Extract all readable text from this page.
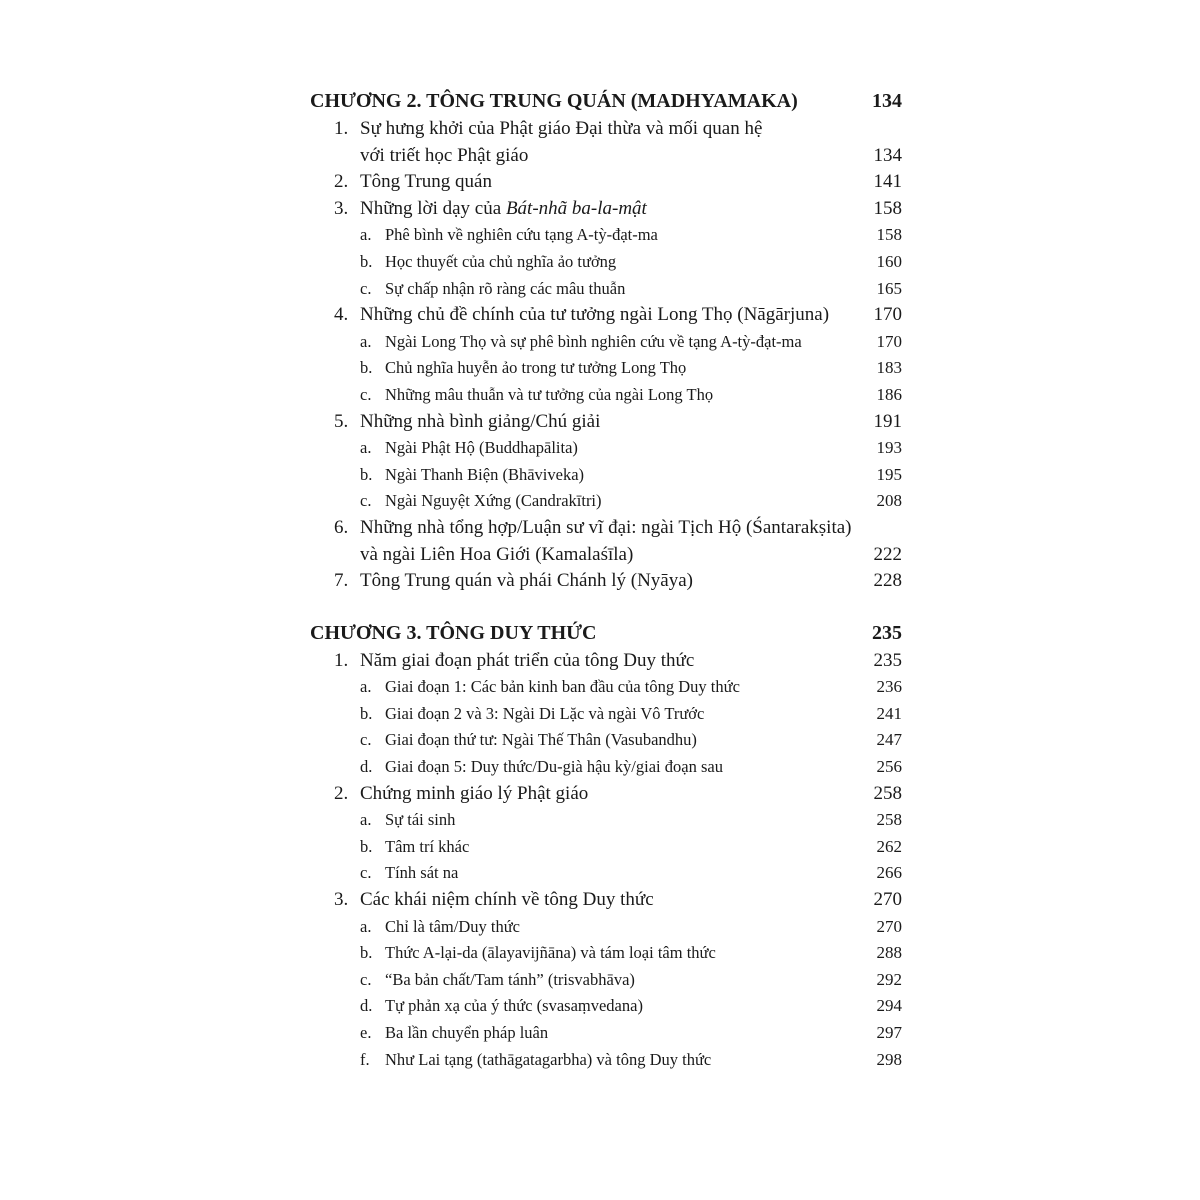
CHƯƠNG 2. TÔNG TRUNG QUÁN (MADHYAMAKA)	134
1. Sự hưng khởi của Phật giáo Đại thừa và mối quan hệ
với triết học Phật giáo	134
2. Tông Trung quán	141
3. Những lời dạy của Bát-nhã ba-la-mật	158
a. Phê bình về nghiên cứu tạng A-tỳ-đạt-ma	158
b. Học thuyết của chủ nghĩa ảo tưởng	160
c. Sự chấp nhận rõ ràng các mâu thuẫn	165
4. Những chủ đề chính của tư tưởng ngài Long Thọ (Nāgārjuna)	170
a. Ngài Long Thọ và sự phê bình nghiên cứu về tạng A-tỳ-đạt-ma	170
b. Chủ nghĩa huyễn ảo trong tư tưởng Long Thọ	183
c. Những mâu thuẫn và tư tưởng của ngài Long Thọ	186
5. Những nhà bình giảng/Chú giải	191
a. Ngài Phật Hộ (Buddhapālita)	193
b. Ngài Thanh Biện (Bhāviveka)	195
c. Ngài Nguyệt Xứng (Candrakītri)	208
6. Những nhà tổng hợp/Luận sư vĩ đại: ngài Tịch Hộ (Śantarakṣita)
và ngài Liên Hoa Giới (Kamalaśīla)	222
7. Tông Trung quán và phái Chánh lý (Nyāya)	228
CHƯƠNG 3. TÔNG DUY THỨC	235
1. Năm giai đoạn phát triển của tông Duy thức	235
a. Giai đoạn 1: Các bản kinh ban đầu của tông Duy thức	236
b. Giai đoạn 2 và 3: Ngài Di Lặc và ngài Vô Trước	241
c. Giai đoạn thứ tư: Ngài Thế Thân (Vasubandhu)	247
d. Giai đoạn 5: Duy thức/Du-già hậu kỳ/giai đoạn sau	256
2. Chứng minh giáo lý Phật giáo	258
a. Sự tái sinh	258
b. Tâm trí khác	262
c. Tính sát na	266
3. Các khái niệm chính về tông Duy thức	270
a. Chỉ là tâm/Duy thức	270
b. Thức A-lại-da (ālayavijñāna) và tám loại tâm thức	288
c. “Ba bản chất/Tam tánh” (trisvabhāva)	292
d. Tự phản xạ của ý thức (svasaṃvedana)	294
e. Ba lần chuyển pháp luân	297
f. Như Lai tạng (tathāgatagarbha) và tông Duy thức	298
